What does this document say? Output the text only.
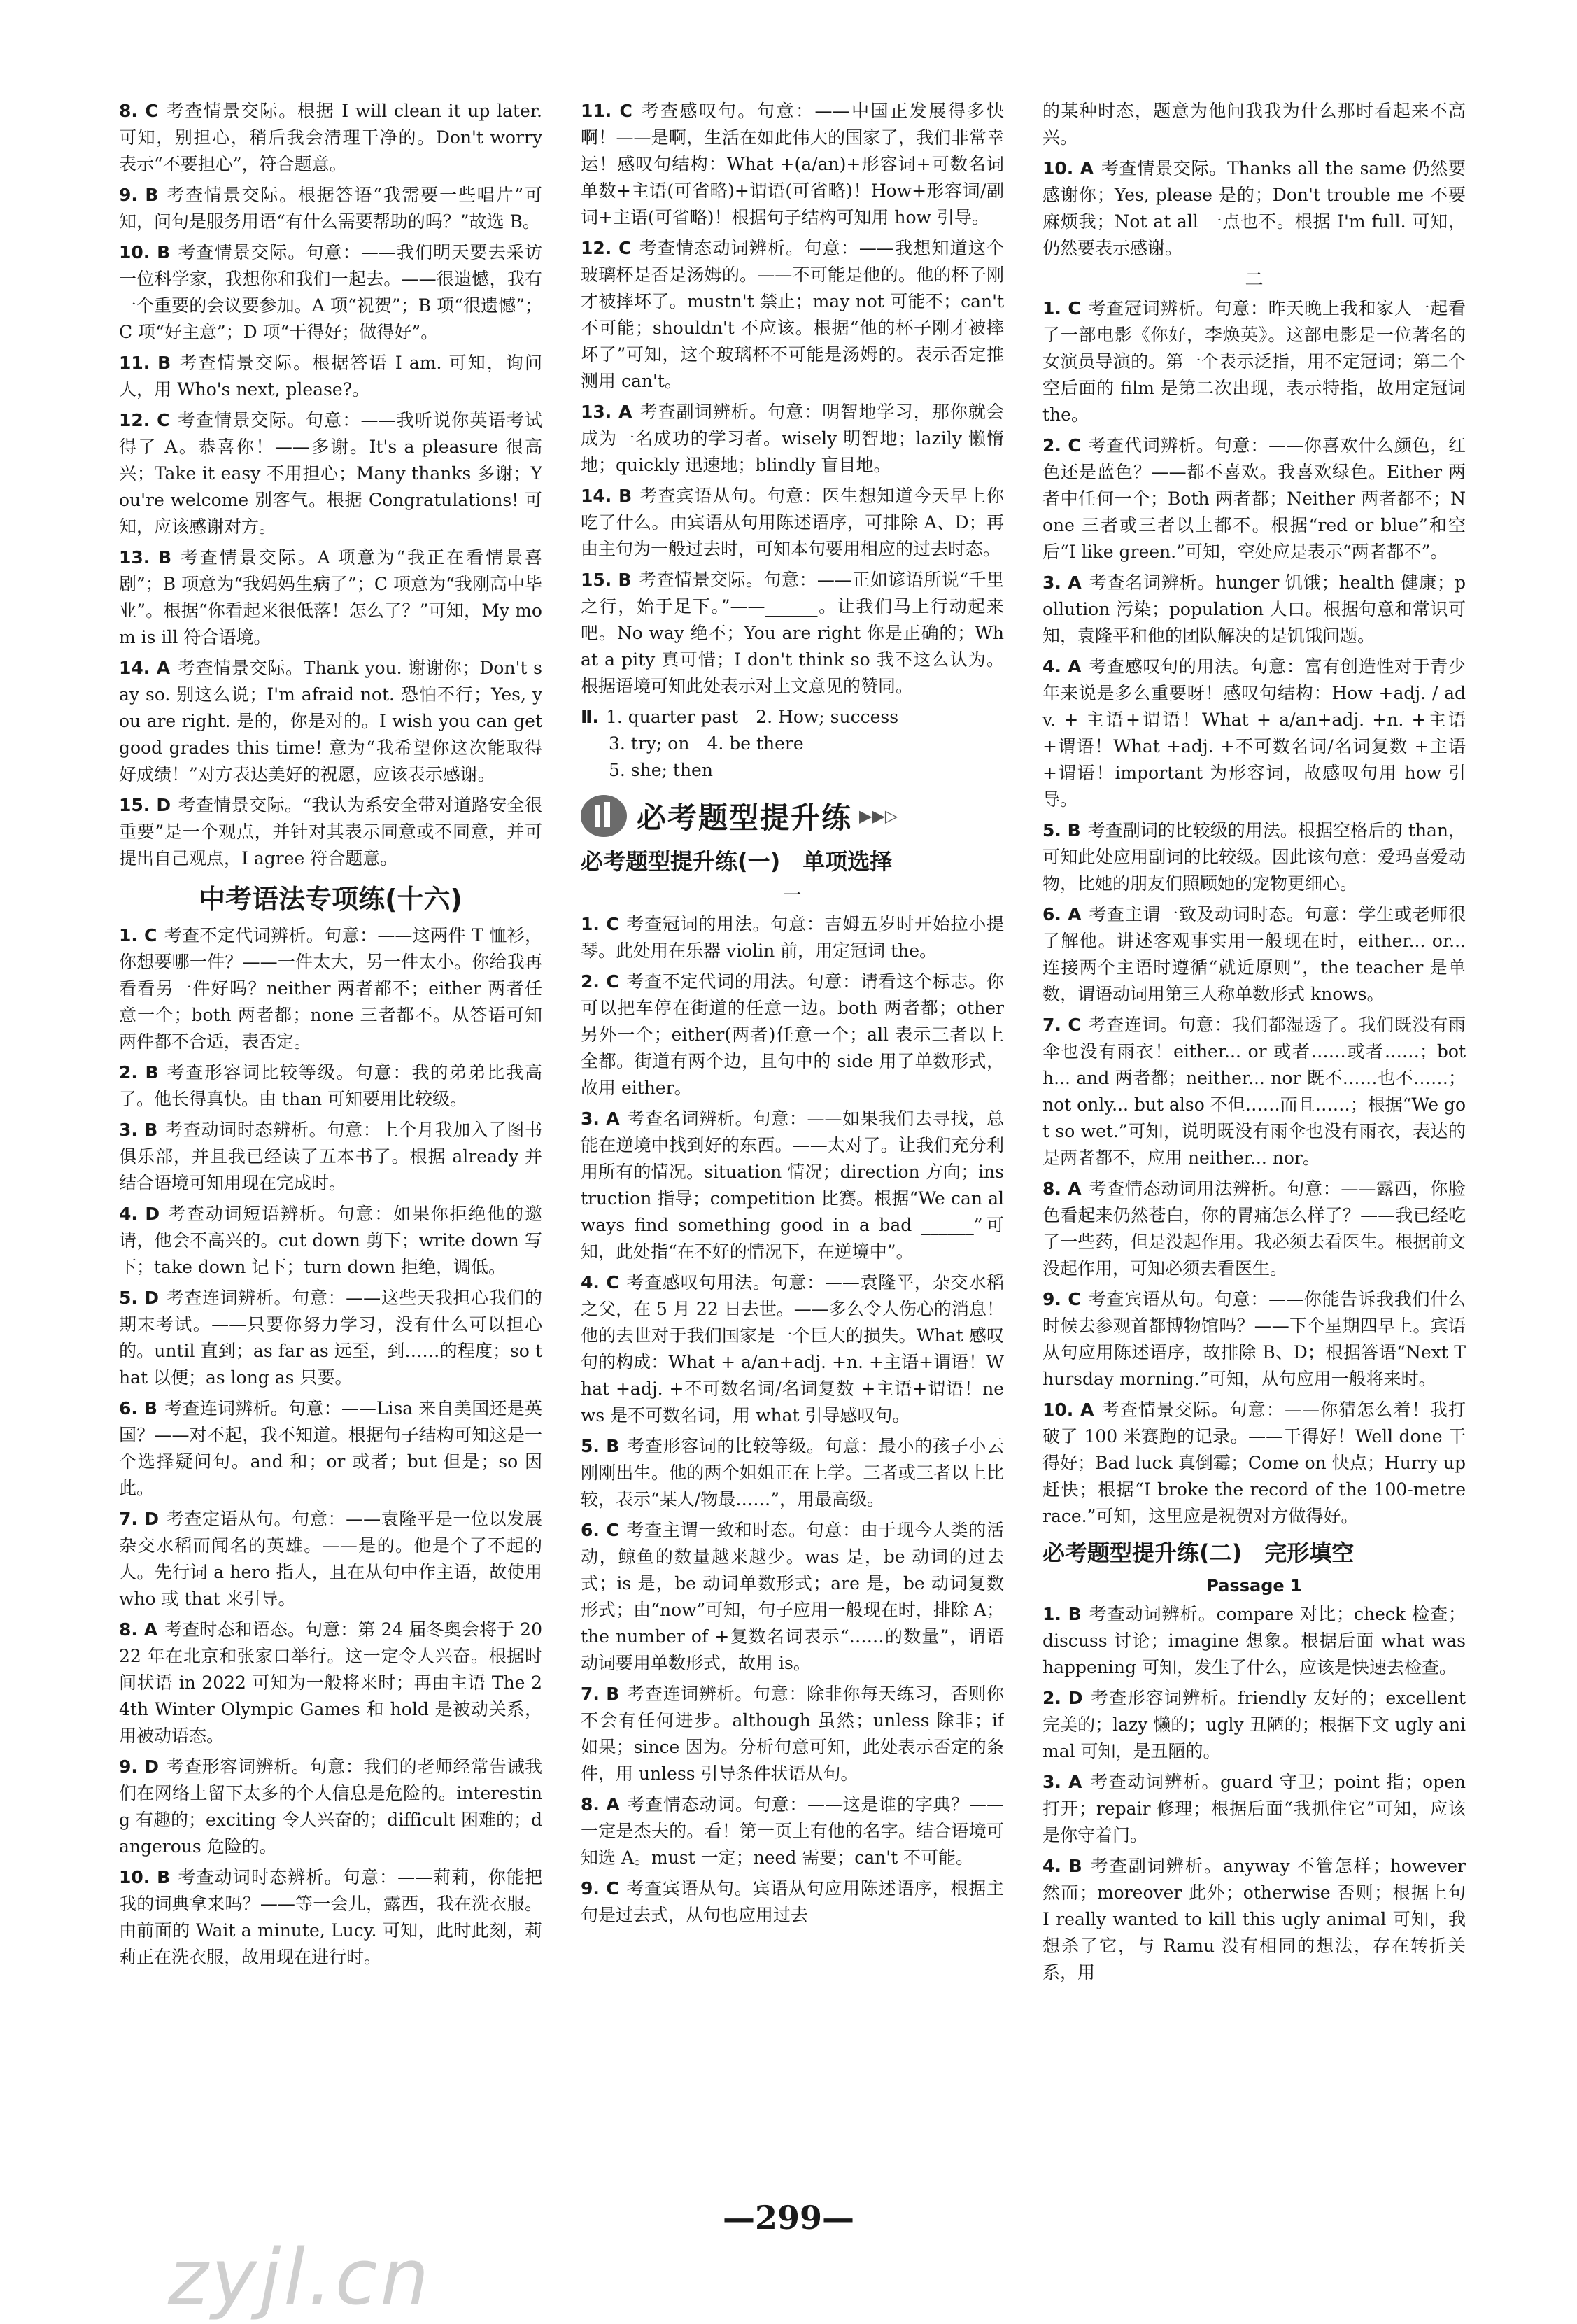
8. C 考查情景交际。根据 I will clean it up later. 可知，别担心，稍后我会清理干净的。Don't worry 表示“不要担心”，符合题意。
9. B 考查情景交际。根据答语“我需要一些唱片”可知，问句是服务用语“有什么需要帮助的吗？”故选 B。
10. B 考查情景交际。句意：——我们明天要去采访一位科学家，我想你和我们一起去。——很遗憾，我有一个重要的会议要参加。A 项“祝贺”；B 项“很遗憾”；C 项“好主意”；D 项“干得好；做得好”。
11. B 考查情景交际。根据答语 I am. 可知，询问人，用 Who's next, please?。
12. C 考查情景交际。句意：——我听说你英语考试得了 A。恭喜你！——多谢。It's a pleasure 很高兴；Take it easy 不用担心；Many thanks 多谢；You're welcome 别客气。根据 Congratulations! 可知，应该感谢对方。
13. B 考查情景交际。A 项意为“我正在看情景喜剧”；B 项意为“我妈妈生病了”；C 项意为“我刚高中毕业”。根据“你看起来很低落！怎么了？”可知，My mom is ill 符合语境。
14. A 考查情景交际。Thank you. 谢谢你；Don't say so. 别这么说；I'm afraid not. 恐怕不行；Yes, you are right. 是的，你是对的。I wish you can get good grades this time! 意为“我希望你这次能取得好成绩！”对方表达美好的祝愿，应该表示感谢。
15. D 考查情景交际。“我认为系安全带对道路安全很重要”是一个观点，并针对其表示同意或不同意，并可提出自己观点，I agree 符合题意。
中考语法专项练(十六)
1. C 考查不定代词辨析。句意：——这两件 T 恤衫，你想要哪一件？——一件太大，另一件太小。你给我再看看另一件好吗？neither 两者都不；either 两者任意一个；both 两者都；none 三者都不。从答语可知两件都不合适，表否定。
2. B 考查形容词比较等级。句意：我的弟弟比我高了。他长得真快。由 than 可知要用比较级。
3. B 考查动词时态辨析。句意：上个月我加入了图书俱乐部，并且我已经读了五本书了。根据 already 并结合语境可知用现在完成时。
4. D 考查动词短语辨析。句意：如果你拒绝他的邀请，他会不高兴的。cut down 剪下；write down 写下；take down 记下；turn down 拒绝，调低。
5. D 考查连词辨析。句意：——这些天我担心我们的期末考试。——只要你努力学习，没有什么可以担心的。until 直到；as far as 远至，到……的程度；so that 以便；as long as 只要。
6. B 考查连词辨析。句意：——Lisa 来自美国还是英国？——对不起，我不知道。根据句子结构可知这是一个选择疑问句。and 和；or 或者；but 但是；so 因此。
7. D 考查定语从句。句意：——袁隆平是一位以发展杂交水稻而闻名的英雄。——是的。他是个了不起的人。先行词 a hero 指人，且在从句中作主语，故使用 who 或 that 来引导。
8. A 考查时态和语态。句意：第 24 届冬奥会将于 2022 年在北京和张家口举行。这一定令人兴奋。根据时间状语 in 2022 可知为一般将来时；再由主语 The 24th Winter Olympic Games 和 hold 是被动关系，用被动语态。
9. D 考查形容词辨析。句意：我们的老师经常告诫我们在网络上留下太多的个人信息是危险的。interesting 有趣的；exciting 令人兴奋的；difficult 困难的；dangerous 危险的。
10. B 考查动词时态辨析。句意：——莉莉，你能把我的词典拿来吗？——等一会儿，露西，我在洗衣服。由前面的 Wait a minute, Lucy. 可知，此时此刻，莉莉正在洗衣服，故用现在进行时。
11. C 考查感叹句。句意：——中国正发展得多快啊！——是啊，生活在如此伟大的国家了，我们非常幸运！感叹句结构：What +(a/an)+形容词+可数名词单数+主语(可省略)+谓语(可省略)！How+形容词/副词+主语(可省略)！根据句子结构可知用 how 引导。
12. C 考查情态动词辨析。句意：——我想知道这个玻璃杯是否是汤姆的。——不可能是他的。他的杯子刚才被摔坏了。mustn't 禁止；may not 可能不；can't 不可能；shouldn't 不应该。根据“他的杯子刚才被摔坏了”可知，这个玻璃杯不可能是汤姆的。表示否定推测用 can't。
13. A 考查副词辨析。句意：明智地学习，那你就会成为一名成功的学习者。wisely 明智地；lazily 懒惰地；quickly 迅速地；blindly 盲目地。
14. B 考查宾语从句。句意：医生想知道今天早上你吃了什么。由宾语从句用陈述语序，可排除 A、D；再由主句为一般过去时，可知本句要用相应的过去时态。
15. B 考查情景交际。句意：——正如谚语所说“千里之行，始于足下。”——______。让我们马上行动起来吧。No way 绝不；You are right 你是正确的；What a pity 真可惜；I don't think so 我不这么认为。根据语境可知此处表示对上文意见的赞同。
Ⅱ. 1. quarter past　2. How; success
3. try; on　4. be there
5. she; then
必考题型提升练 ▶▶▷
必考题型提升练(一)　单项选择
一
1. C 考查冠词的用法。句意：吉姆五岁时开始拉小提琴。此处用在乐器 violin 前，用定冠词 the。
2. C 考查不定代词的用法。句意：请看这个标志。你可以把车停在街道的任意一边。both 两者都；other 另外一个；either(两者)任意一个；all 表示三者以上全都。街道有两个边，且句中的 side 用了单数形式，故用 either。
3. A 考查名词辨析。句意：——如果我们去寻找，总能在逆境中找到好的东西。——太对了。让我们充分利用所有的情况。situation 情况；direction 方向；instruction 指导；competition 比赛。根据“We can always find something good in a bad ______”可知，此处指“在不好的情况下，在逆境中”。
4. C 考查感叹句用法。句意：——袁隆平，杂交水稻之父，在 5 月 22 日去世。——多么令人伤心的消息！他的去世对于我们国家是一个巨大的损失。What 感叹句的构成：What + a/an+adj. +n. +主语+谓语！What +adj. +不可数名词/名词复数 +主语+谓语！news 是不可数名词，用 what 引导感叹句。
5. B 考查形容词的比较等级。句意：最小的孩子小云刚刚出生。他的两个姐姐正在上学。三者或三者以上比较，表示“某人/物最……”，用最高级。
6. C 考查主谓一致和时态。句意：由于现今人类的活动，鲸鱼的数量越来越少。was 是，be 动词的过去式；is 是，be 动词单数形式；are 是，be 动词复数形式；由“now”可知，句子应用一般现在时，排除 A；the number of +复数名词表示“……的数量”，谓语动词要用单数形式，故用 is。
7. B 考查连词辨析。句意：除非你每天练习，否则你不会有任何进步。although 虽然；unless 除非；if 如果；since 因为。分析句意可知，此处表示否定的条件，用 unless 引导条件状语从句。
8. A 考查情态动词。句意：——这是谁的字典？——一定是杰夫的。看！第一页上有他的名字。结合语境可知选 A。must 一定；need 需要；can't 不可能。
9. C 考查宾语从句。宾语从句应用陈述语序，根据主句是过去式，从句也应用过去
的某种时态，题意为他问我我为什么那时看起来不高兴。
10. A 考查情景交际。Thanks all the same 仍然要感谢你；Yes, please 是的；Don't trouble me 不要麻烦我；Not at all 一点也不。根据 I'm full. 可知，仍然要表示感谢。
二
1. C 考查冠词辨析。句意：昨天晚上我和家人一起看了一部电影《你好，李焕英》。这部电影是一位著名的女演员导演的。第一个表示泛指，用不定冠词；第二个空后面的 film 是第二次出现，表示特指，故用定冠词 the。
2. C 考查代词辨析。句意：——你喜欢什么颜色，红色还是蓝色？——都不喜欢。我喜欢绿色。Either 两者中任何一个；Both 两者都；Neither 两者都不；None 三者或三者以上都不。根据“red or blue”和空后“I like green.”可知，空处应是表示“两者都不”。
3. A 考查名词辨析。hunger 饥饿；health 健康；pollution 污染；population 人口。根据句意和常识可知，袁隆平和他的团队解决的是饥饿问题。
4. A 考查感叹句的用法。句意：富有创造性对于青少年来说是多么重要呀！感叹句结构：How +adj. / adv. + 主语+谓语！What + a/an+adj. +n. +主语+谓语！What +adj. +不可数名词/名词复数 +主语+谓语！important 为形容词，故感叹句用 how 引导。
5. B 考查副词的比较级的用法。根据空格后的 than，可知此处应用副词的比较级。因此该句意：爱玛喜爱动物，比她的朋友们照顾她的宠物更细心。
6. A 考查主谓一致及动词时态。句意：学生或老师很了解他。讲述客观事实用一般现在时，either... or... 连接两个主语时遵循“就近原则”，the teacher 是单数，谓语动词用第三人称单数形式 knows。
7. C 考查连词。句意：我们都湿透了。我们既没有雨伞也没有雨衣！either... or 或者……或者……；both... and 两者都；neither... nor 既不……也不……；not only... but also 不但……而且……；根据“We got so wet.”可知，说明既没有雨伞也没有雨衣，表达的是两者都不，应用 neither... nor。
8. A 考查情态动词用法辨析。句意：——露西，你脸色看起来仍然苍白，你的胃痛怎么样了？——我已经吃了一些药，但是没起作用。我必须去看医生。根据前文没起作用，可知必须去看医生。
9. C 考查宾语从句。句意：——你能告诉我我们什么时候去参观首都博物馆吗？——下个星期四早上。宾语从句应用陈述语序，故排除 B、D；根据答语“Next Thursday morning.”可知，从句应用一般将来时。
10. A 考查情景交际。句意：——你猜怎么着！我打破了 100 米赛跑的记录。——干得好！Well done 干得好；Bad luck 真倒霉；Come on 快点；Hurry up 赶快；根据“I broke the record of the 100-metre race.”可知，这里应是祝贺对方做得好。
必考题型提升练(二)　完形填空
Passage 1
1. B 考查动词辨析。compare 对比；check 检查；discuss 讨论；imagine 想象。根据后面 what was happening 可知，发生了什么，应该是快速去检查。
2. D 考查形容词辨析。friendly 友好的；excellent 完美的；lazy 懒的；ugly 丑陋的；根据下文 ugly animal 可知，是丑陋的。
3. A 考查动词辨析。guard 守卫；point 指；open 打开；repair 修理；根据后面“我抓住它”可知，应该是你守着门。
4. B 考查副词辨析。anyway 不管怎样；however 然而；moreover 此外；otherwise 否则；根据上句 I really wanted to kill this ugly animal 可知，我想杀了它，与 Ramu 没有相同的想法，存在转折关系，用
—299—
zyjl.cn
